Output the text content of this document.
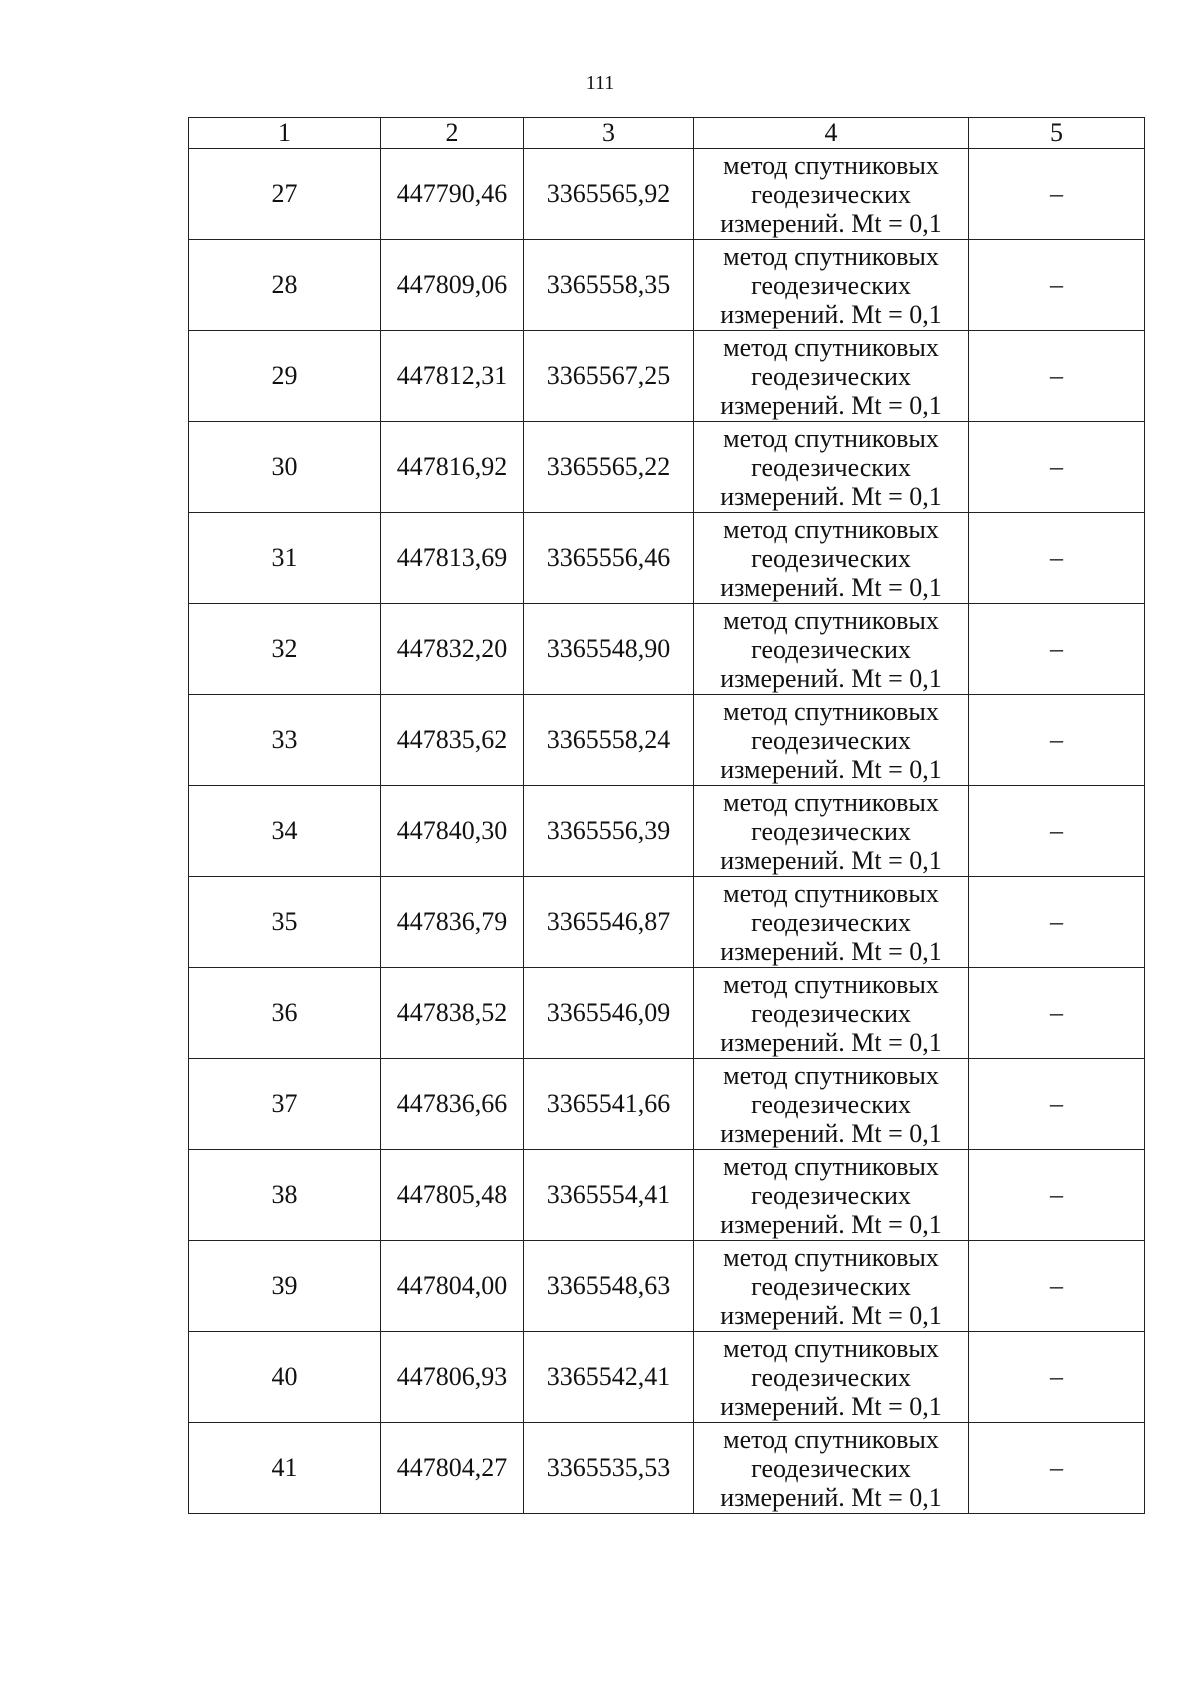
111
1	2	3	4	5
27	447790,46	3365565,92	метод спутниковых
геодезических
измерений. Mt = 0,1	–
28	447809,06	3365558,35	метод спутниковых
геодезических
измерений. Mt = 0,1	–
29	447812,31	3365567,25	метод спутниковых
геодезических
измерений. Mt = 0,1	–
30	447816,92	3365565,22	метод спутниковых
геодезических
измерений. Mt = 0,1	–
31	447813,69	3365556,46	метод спутниковых
геодезических
измерений. Mt = 0,1	–
32	447832,20	3365548,90	метод спутниковых
геодезических
измерений. Mt = 0,1	–
33	447835,62	3365558,24	метод спутниковых
геодезических
измерений. Mt = 0,1	–
34	447840,30	3365556,39	метод спутниковых
геодезических
измерений. Mt = 0,1	–
35	447836,79	3365546,87	метод спутниковых
геодезических
измерений. Mt = 0,1	–
36	447838,52	3365546,09	метод спутниковых
геодезических
измерений. Mt = 0,1	–
37	447836,66	3365541,66	метод спутниковых
геодезических
измерений. Mt = 0,1	–
38	447805,48	3365554,41	метод спутниковых
геодезических
измерений. Mt = 0,1	–
39	447804,00	3365548,63	метод спутниковых
геодезических
измерений. Mt = 0,1	–
40	447806,93	3365542,41	метод спутниковых
геодезических
измерений. Mt = 0,1	–
41	447804,27	3365535,53	метод спутниковых
геодезических
измерений. Mt = 0,1	–
